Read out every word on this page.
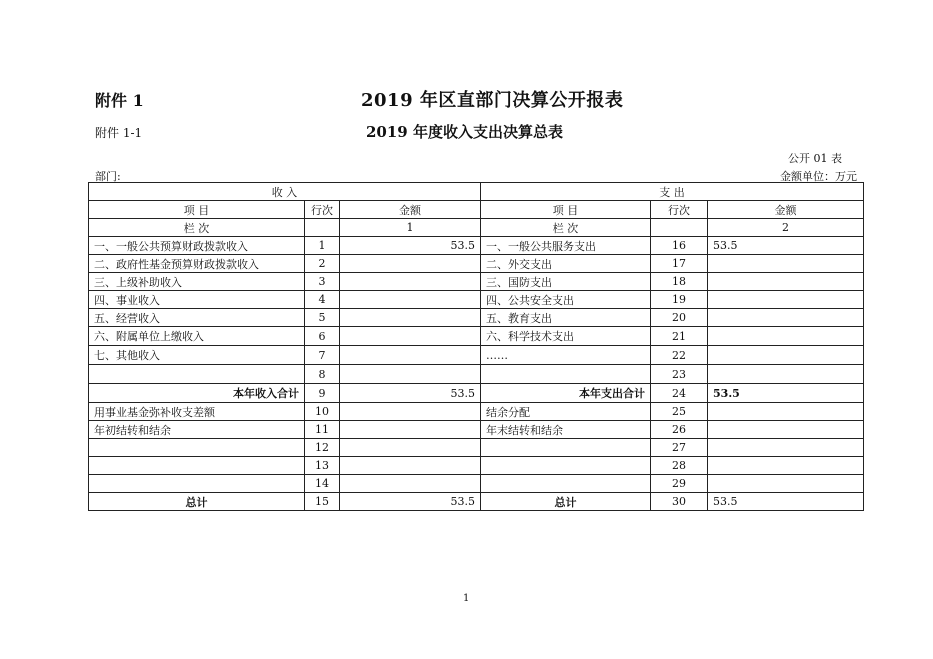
附件 1	2019 年区直部门决算公开报表
附件 1-1	2019 年度收入支出决算总表
公开 01 表
部门:	金额单位：万元
收 入			支 出		
项 目	行次	金额	项 目	行次	金额
栏 次		1	栏 次		2
一、一般公共预算财政拨款收入	1	53.5	一、一般公共服务支出	16	53.5
二、政府性基金预算财政拨款收入	2		二、外交支出	17	
三、上级补助收入	3		三、国防支出	18	
四、事业收入	4		四、公共安全支出	19	
五、经营收入	5		五、教育支出	20	
六、附属单位上缴收入	6		六、科学技术支出	21	
七、其他收入	7		……	22	
	8			23	
本年收入合计	9	53.5	本年支出合计	24	53.5
用事业基金弥补收支差额	10		结余分配	25	
年初结转和结余	11		年末结转和结余	26	
	12			27	
	13			28	
	14			29	
总计	15	53.5	总计	30	53.5
1
